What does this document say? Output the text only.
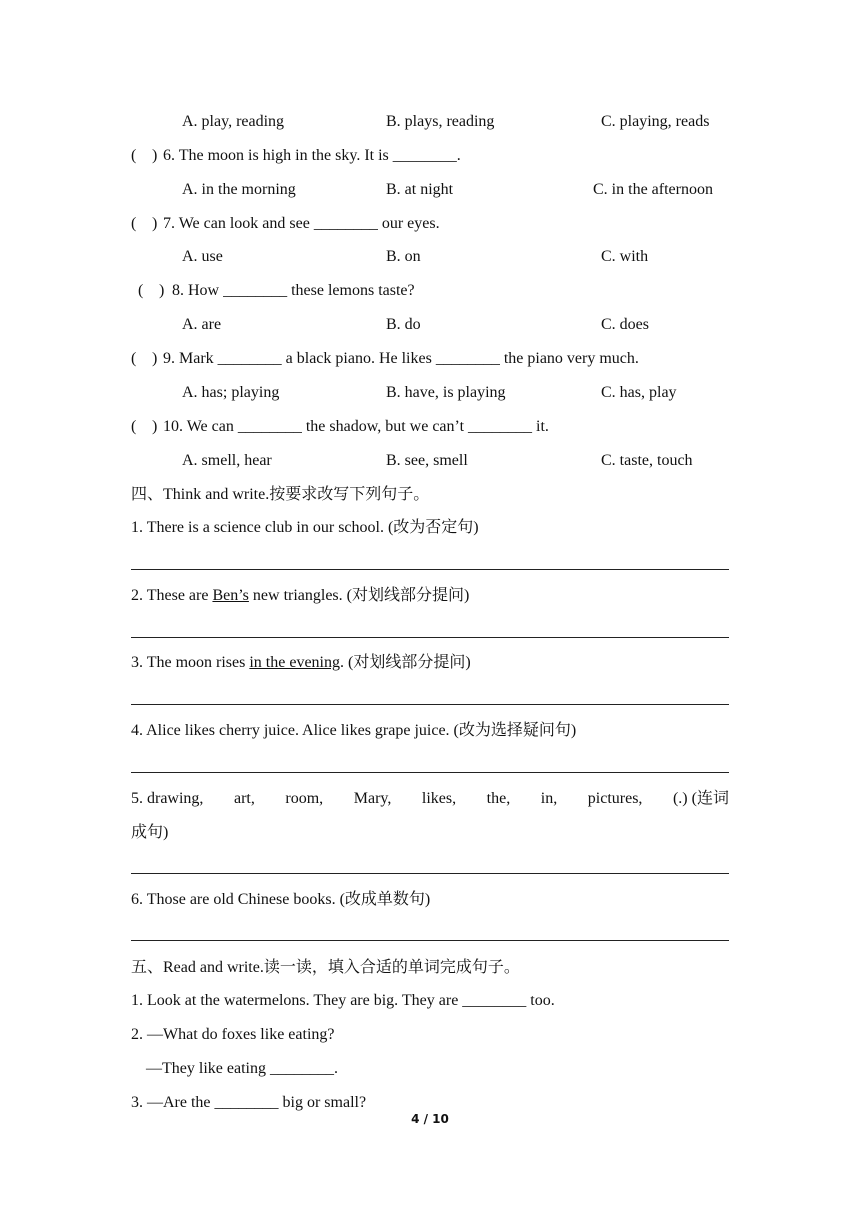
A. play, reading	B. plays, reading	C. playing, reads
( ) 6. The moon is high in the sky. It is ________.
A. in the morning	B. at night	C. in the afternoon
( ) 7. We can look and see ________ our eyes.
A. use	B. on	C. with
( ) 8. How ________ these lemons taste?
A. are	B. do	C. does
( ) 9. Mark ________ a black piano. He likes ________ the piano very much.
A. has; playing	B. have, is playing	C. has, play
( ) 10. We can ________ the shadow, but we can’t ________ it.
A. smell, hear	B. see, smell	C. taste, touch
四、Think and write.按要求改写下列句子。
1. There is a science club in our school. (改为否定句)
2. These are Ben’s new triangles. (对划线部分提问)
3. The moon rises in the evening. (对划线部分提问)
4. Alice likes cherry juice. Alice likes grape juice. (改为选择疑问句)
5. drawing, art, room, Mary, likes, the, in, pictures, (.) (连词
成句)
6. Those are old Chinese books. (改成单数句)
五、Read and write.读一读，填入合适的单词完成句子。
1. Look at the watermelons. They are big. They are ________ too.
2. —What do foxes like eating?
—They like eating ________.
3. —Are the ________ big or small?
4 / 10
